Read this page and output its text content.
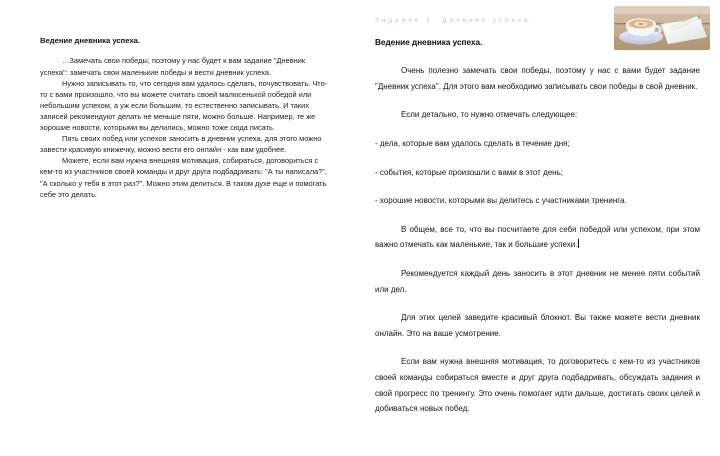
Ведение дневника успеха.

…Замечать свои победы, поэтому у нас будет к вам задание "Дневник успеха": замечать свои маленькие победы и вести дневник успеха.

Нужно записывать то, что сегодня вам удалось сделать, почувствовать. Что-то с вами произошло, что вы можете считать своей малюсенькой победой или небольшим успехом, а уж если большим, то естественно записывать. И таких записей рекомендуют делать не меньше пяти, можно больше. Например, те же хорошие новости, которыми вы делились, можно тоже сюда писать.

Пять своих побед или успехов заносить в дневник успеха, для этого можно завести красивую книжечку, можно вести его онлайн - как вам удобнее.

Можете, если вам нужна внешняя мотивация, собираться, договориться с кем-то из участников своей команды и друг друга подбадривать: "А ты написала?", "А сколько у тебя в этот раз?". Можно этим делиться. В таком духе еще и помогать себе это делать.

Задание 2. Дневник успеха.
Ведение дневника успеха.

Очень полезно замечать свои победы, поэтому у нас с вами будет задание "Дневник успеха". Для этого вам необходимо записывать свои победы в свой дневник.

Если детально, то нужно отмечать следующее:

- дела, которые вам удалось сделать в течение дня;

- события, которые произошли с вами в этот день;

- хорошие новости, которыми вы делитесь с участниками тренинга.

В общем, все то, что вы посчитаете для себя победой или успехом, при этом важно отмечать как маленькие, так и большие успехи.

Рекомендуется каждый день заносить в этот дневник не менее пяти событий или дел.

Для этих целей заведите красивый блокнот. Вы также можете вести дневник онлайн. Это на ваше усмотрение.

Если вам нужна внешняя мотивация, то договоритесь с кем-то из участников своей команды собираться вместе и друг друга подбадривать, обсуждать задания и свой прогресс по тренингу. Это очень помогает идти дальше, достигать своих целей и добиваться новых побед.
